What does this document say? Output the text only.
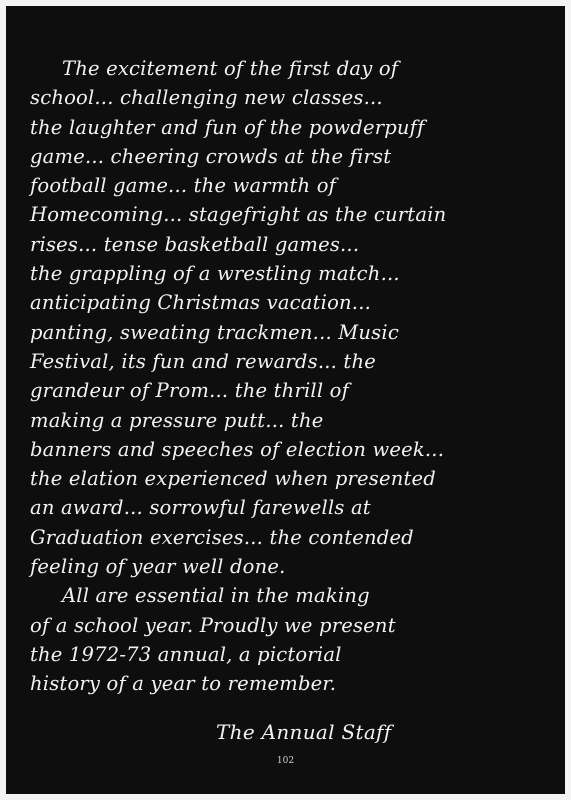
The excitement of the first day of
school... challenging new classes...
the laughter and fun of the powderpuff
game... cheering crowds at the first
football game... the warmth of
Homecoming... stagefright as the curtain
rises... tense basketball games...
the grappling of a wrestling match...
anticipating Christmas vacation...
panting, sweating trackmen... Music
Festival, its fun and rewards... the
grandeur of Prom... the thrill of
making a pressure putt... the
banners and speeches of election week...
the elation experienced when presented
an award... sorrowful farewells at
Graduation exercises... the contended
feeling of year well done.
All are essential in the making
of a school year. Proudly we present
the 1972-73 annual, a pictorial
history of a year to remember.
The Annual Staff
102
